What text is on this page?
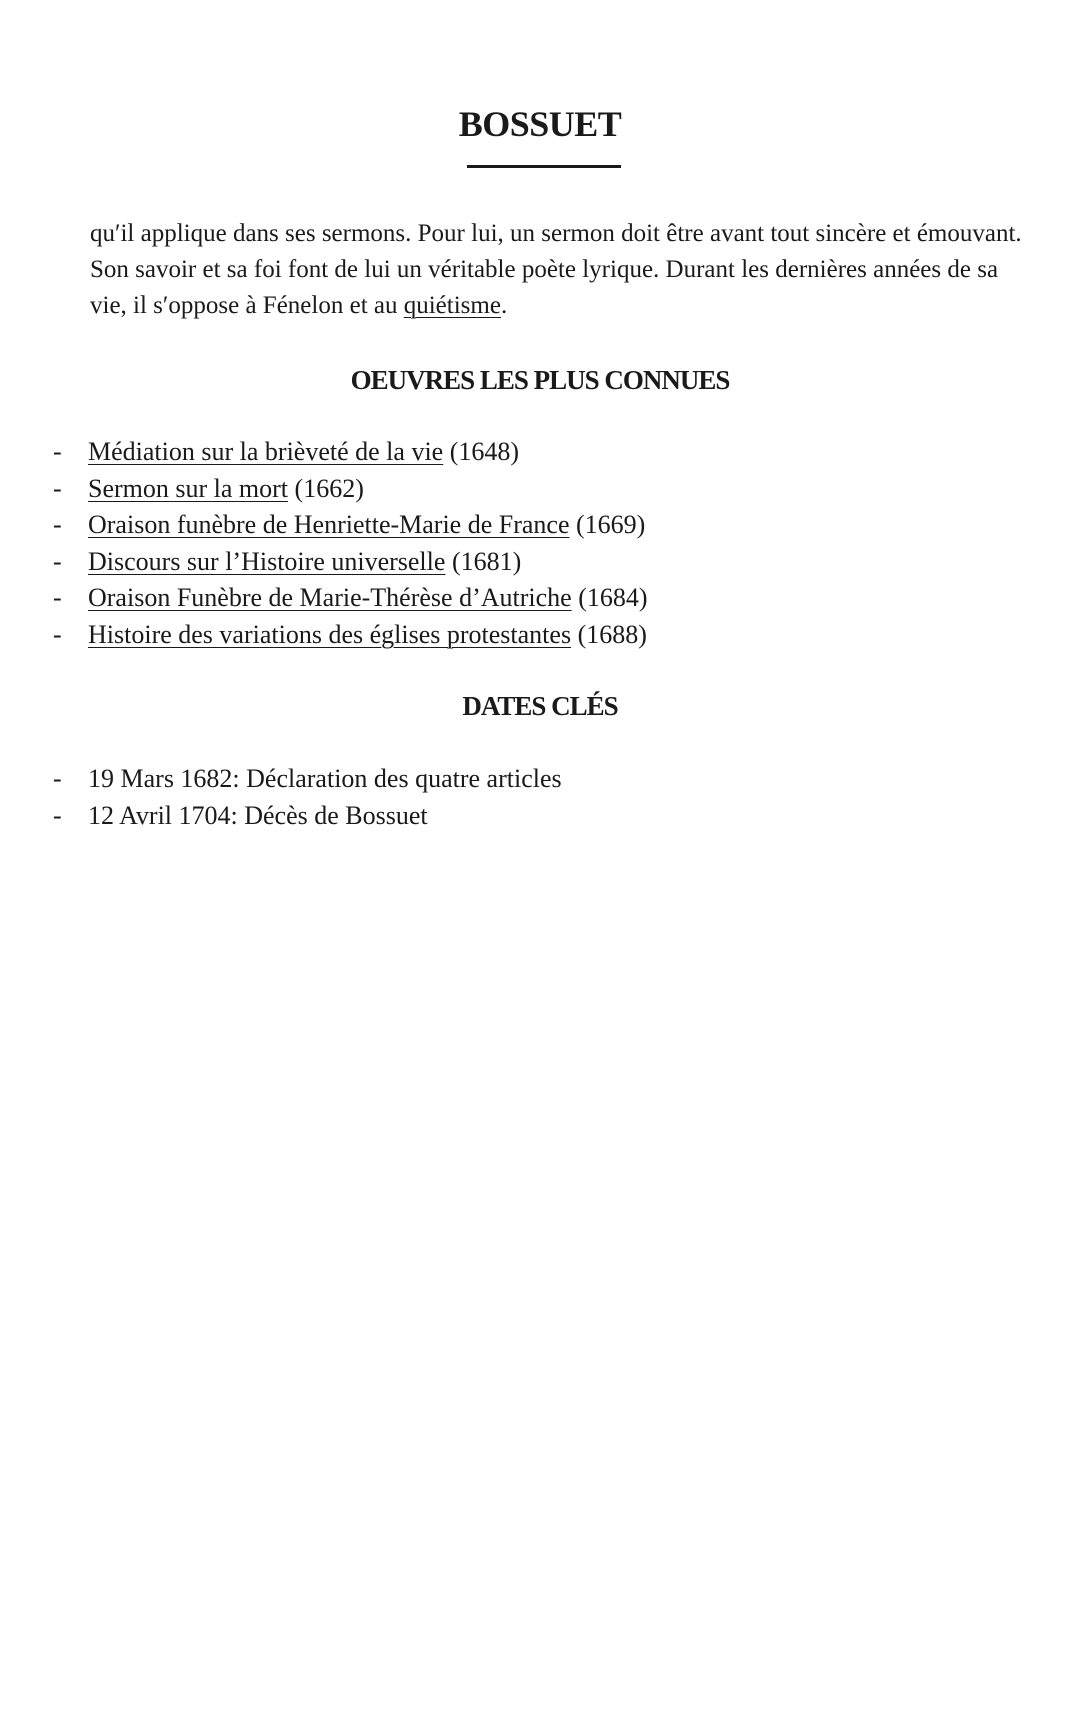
BOSSUET

qu′il applique dans ses sermons. Pour lui, un sermon doit être avant tout sincère et émouvant. Son savoir et sa foi font de lui un véritable poète lyrique. Durant les dernières années de sa vie, il s′oppose à Fénelon et au quiétisme.

OEUVRES LES PLUS CONNUES
- Médiation sur la brièveté de la vie (1648)
- Sermon sur la mort (1662)
- Oraison funèbre de Henriette-Marie de France (1669)
- Discours sur l’Histoire universelle (1681)
- Oraison Funèbre de Marie-Thérèse d’Autriche (1684)
- Histoire des variations des églises protestantes (1688)
DATES CLÉS
- 19 Mars 1682: Déclaration des quatre articles
- 12 Avril 1704: Décès de Bossuet
